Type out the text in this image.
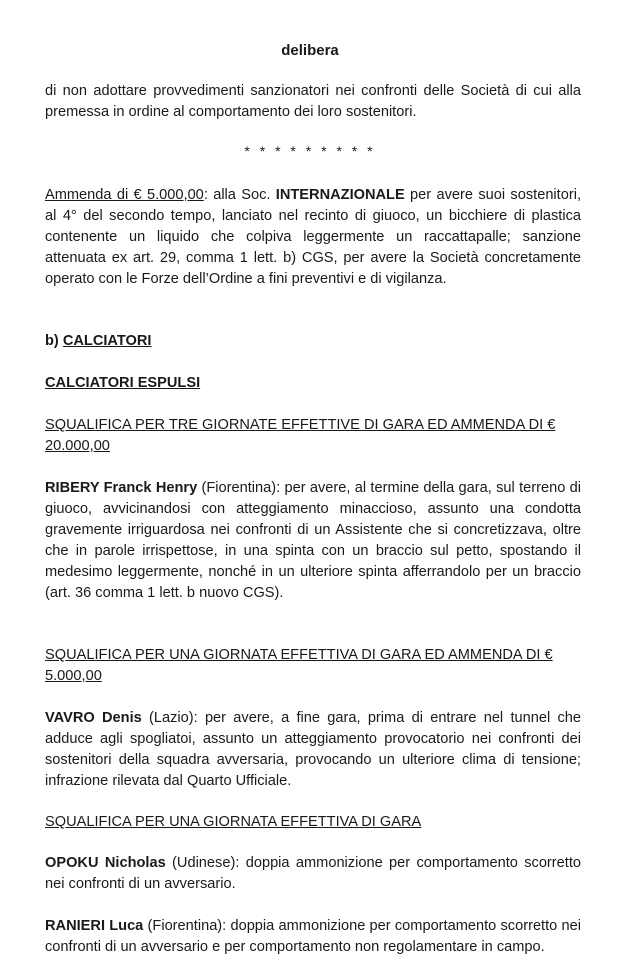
delibera

di non adottare provvedimenti sanzionatori nei confronti delle Società di cui alla premessa in ordine al comportamento dei loro sostenitori.

* * * * * * * * *

Ammenda di € 5.000,00: alla Soc. INTERNAZIONALE per avere suoi sostenitori, al 4° del secondo tempo, lanciato nel recinto di giuoco, un bicchiere di plastica contenente un liquido che colpiva leggermente un raccattapalle; sanzione attenuata ex art. 29, comma 1 lett. b) CGS, per avere la Società concretamente operato con le Forze dell’Ordine a fini preventivi e di vigilanza.

b) CALCIATORI
CALCIATORI ESPULSI

SQUALIFICA PER TRE GIORNATE EFFETTIVE DI GARA ED AMMENDA DI € 20.000,00

RIBERY Franck Henry (Fiorentina): per avere, al termine della gara, sul terreno di giuoco, avvicinandosi con atteggiamento minaccioso, assunto una condotta gravemente irriguardosa nei confronti di un Assistente che si concretizzava, oltre che in parole irrispettose, in una spinta con un braccio sul petto, spostando il medesimo leggermente, nonché in un ulteriore spinta afferrandolo per un braccio (art. 36 comma 1 lett. b nuovo CGS).

SQUALIFICA PER UNA GIORNATA EFFETTIVA DI GARA ED AMMENDA DI € 5.000,00

VAVRO Denis (Lazio): per avere, a fine gara, prima di entrare nel tunnel che adduce agli spogliatoi, assunto un atteggiamento provocatorio nei confronti dei sostenitori della squadra avversaria, provocando un ulteriore clima di tensione; infrazione rilevata dal Quarto Ufficiale.

SQUALIFICA PER UNA GIORNATA EFFETTIVA DI GARA

OPOKU Nicholas (Udinese): doppia ammonizione per comportamento scorretto nei confronti di un avversario.

RANIERI Luca (Fiorentina): doppia ammonizione per comportamento scorretto nei confronti di un avversario e per comportamento non regolamentare in campo.
